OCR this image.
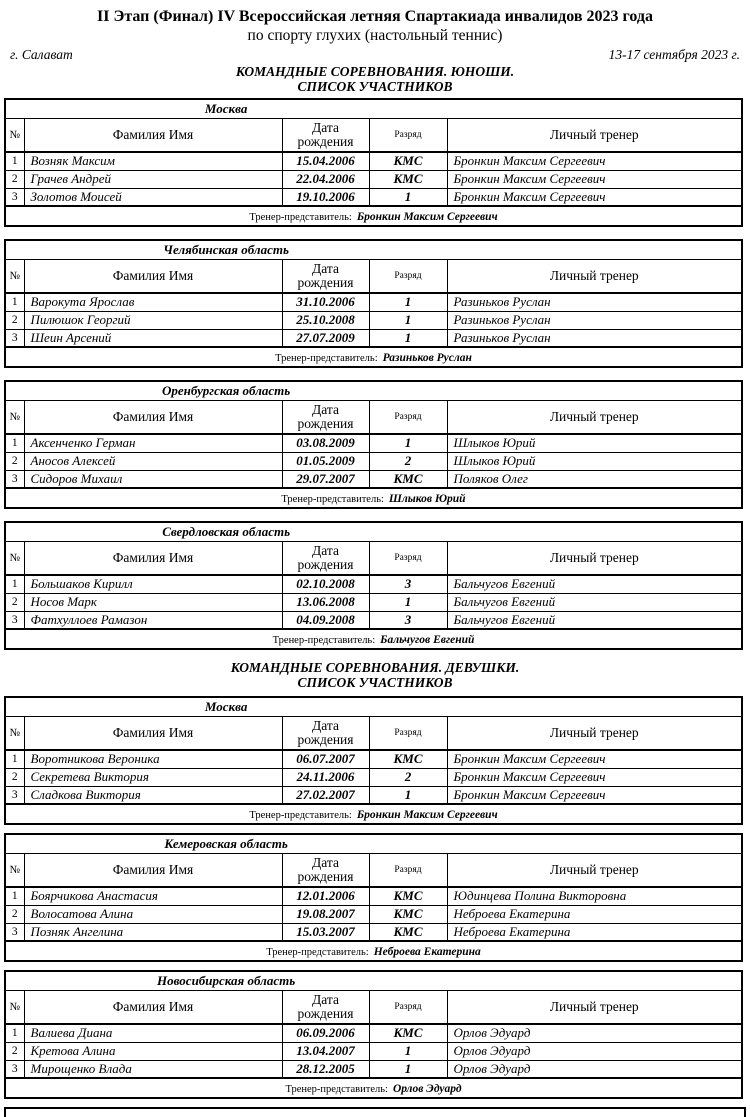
II Этап (Финал) IV Всероссийская летняя Спартакиада инвалидов 2023 года
по спорту глухих (настольный теннис)
г. Салават	13-17 сентября 2023 г.
КОМАНДНЫЕ СОРЕВНОВАНИЯ. ЮНОШИ.
СПИСОК УЧАСТНИКОВ
Москва				
№	Фамилия Имя	Дата рождения	Разряд	Личный тренер
1	Возняк Максим	15.04.2006	КМС	Бронкин Максим Сергеевич
2	Грачев Андрей	22.04.2006	КМС	Бронкин Максим Сергеевич
3	Золотов Моисей	19.10.2006	1	Бронкин Максим Сергеевич
Тренер-представитель: Бронкин Максим Сергеевич				
Челябинская область				
№	Фамилия Имя	Дата рождения	Разряд	Личный тренер
1	Варокута Ярослав	31.10.2006	1	Разиньков Руслан
2	Пилюшок Георгий	25.10.2008	1	Разиньков Руслан
3	Шеин Арсений	27.07.2009	1	Разиньков Руслан
Тренер-представитель: Разиньков Руслан				
Оренбургская область				
№	Фамилия Имя	Дата рождения	Разряд	Личный тренер
1	Аксенченко Герман	03.08.2009	1	Шлыков Юрий
2	Аносов Алексей	01.05.2009	2	Шлыков Юрий
3	Сидоров Михаил	29.07.2007	КМС	Поляков Олег
Тренер-представитель: Шлыков Юрий				
Свердловская область				
№	Фамилия Имя	Дата рождения	Разряд	Личный тренер
1	Большаков Кирилл	02.10.2008	3	Бальчугов Евгений
2	Носов Марк	13.06.2008	1	Бальчугов Евгений
3	Фатхуллоев Рамазон	04.09.2008	3	Бальчугов Евгений
Тренер-представитель: Бальчугов Евгений				
КОМАНДНЫЕ СОРЕВНОВАНИЯ. ДЕВУШКИ.
СПИСОК УЧАСТНИКОВ
Москва				
№	Фамилия Имя	Дата рождения	Разряд	Личный тренер
1	Воротникова Вероника	06.07.2007	КМС	Бронкин Максим Сергеевич
2	Секретева Виктория	24.11.2006	2	Бронкин Максим Сергеевич
3	Сладкова Виктория	27.02.2007	1	Бронкин Максим Сергеевич
Тренер-представитель: Бронкин Максим Сергеевич				
Кемеровская область				
№	Фамилия Имя	Дата рождения	Разряд	Личный тренер
1	Боярчикова Анастасия	12.01.2006	КМС	Юдинцева Полина Викторовна
2	Волосатова Алина	19.08.2007	КМС	Неброева Екатерина
3	Позняк Ангелина	15.03.2007	КМС	Неброева Екатерина
Тренер-представитель: Неброева Екатерина				
Новосибирская область				
№	Фамилия Имя	Дата рождения	Разряд	Личный тренер
1	Валиева Диана	06.09.2006	КМС	Орлов Эдуард
2	Кретова Алина	13.04.2007	1	Орлов Эдуард
3	Мирощенко Влада	28.12.2005	1	Орлов Эдуард
Тренер-представитель: Орлов Эдуард				
